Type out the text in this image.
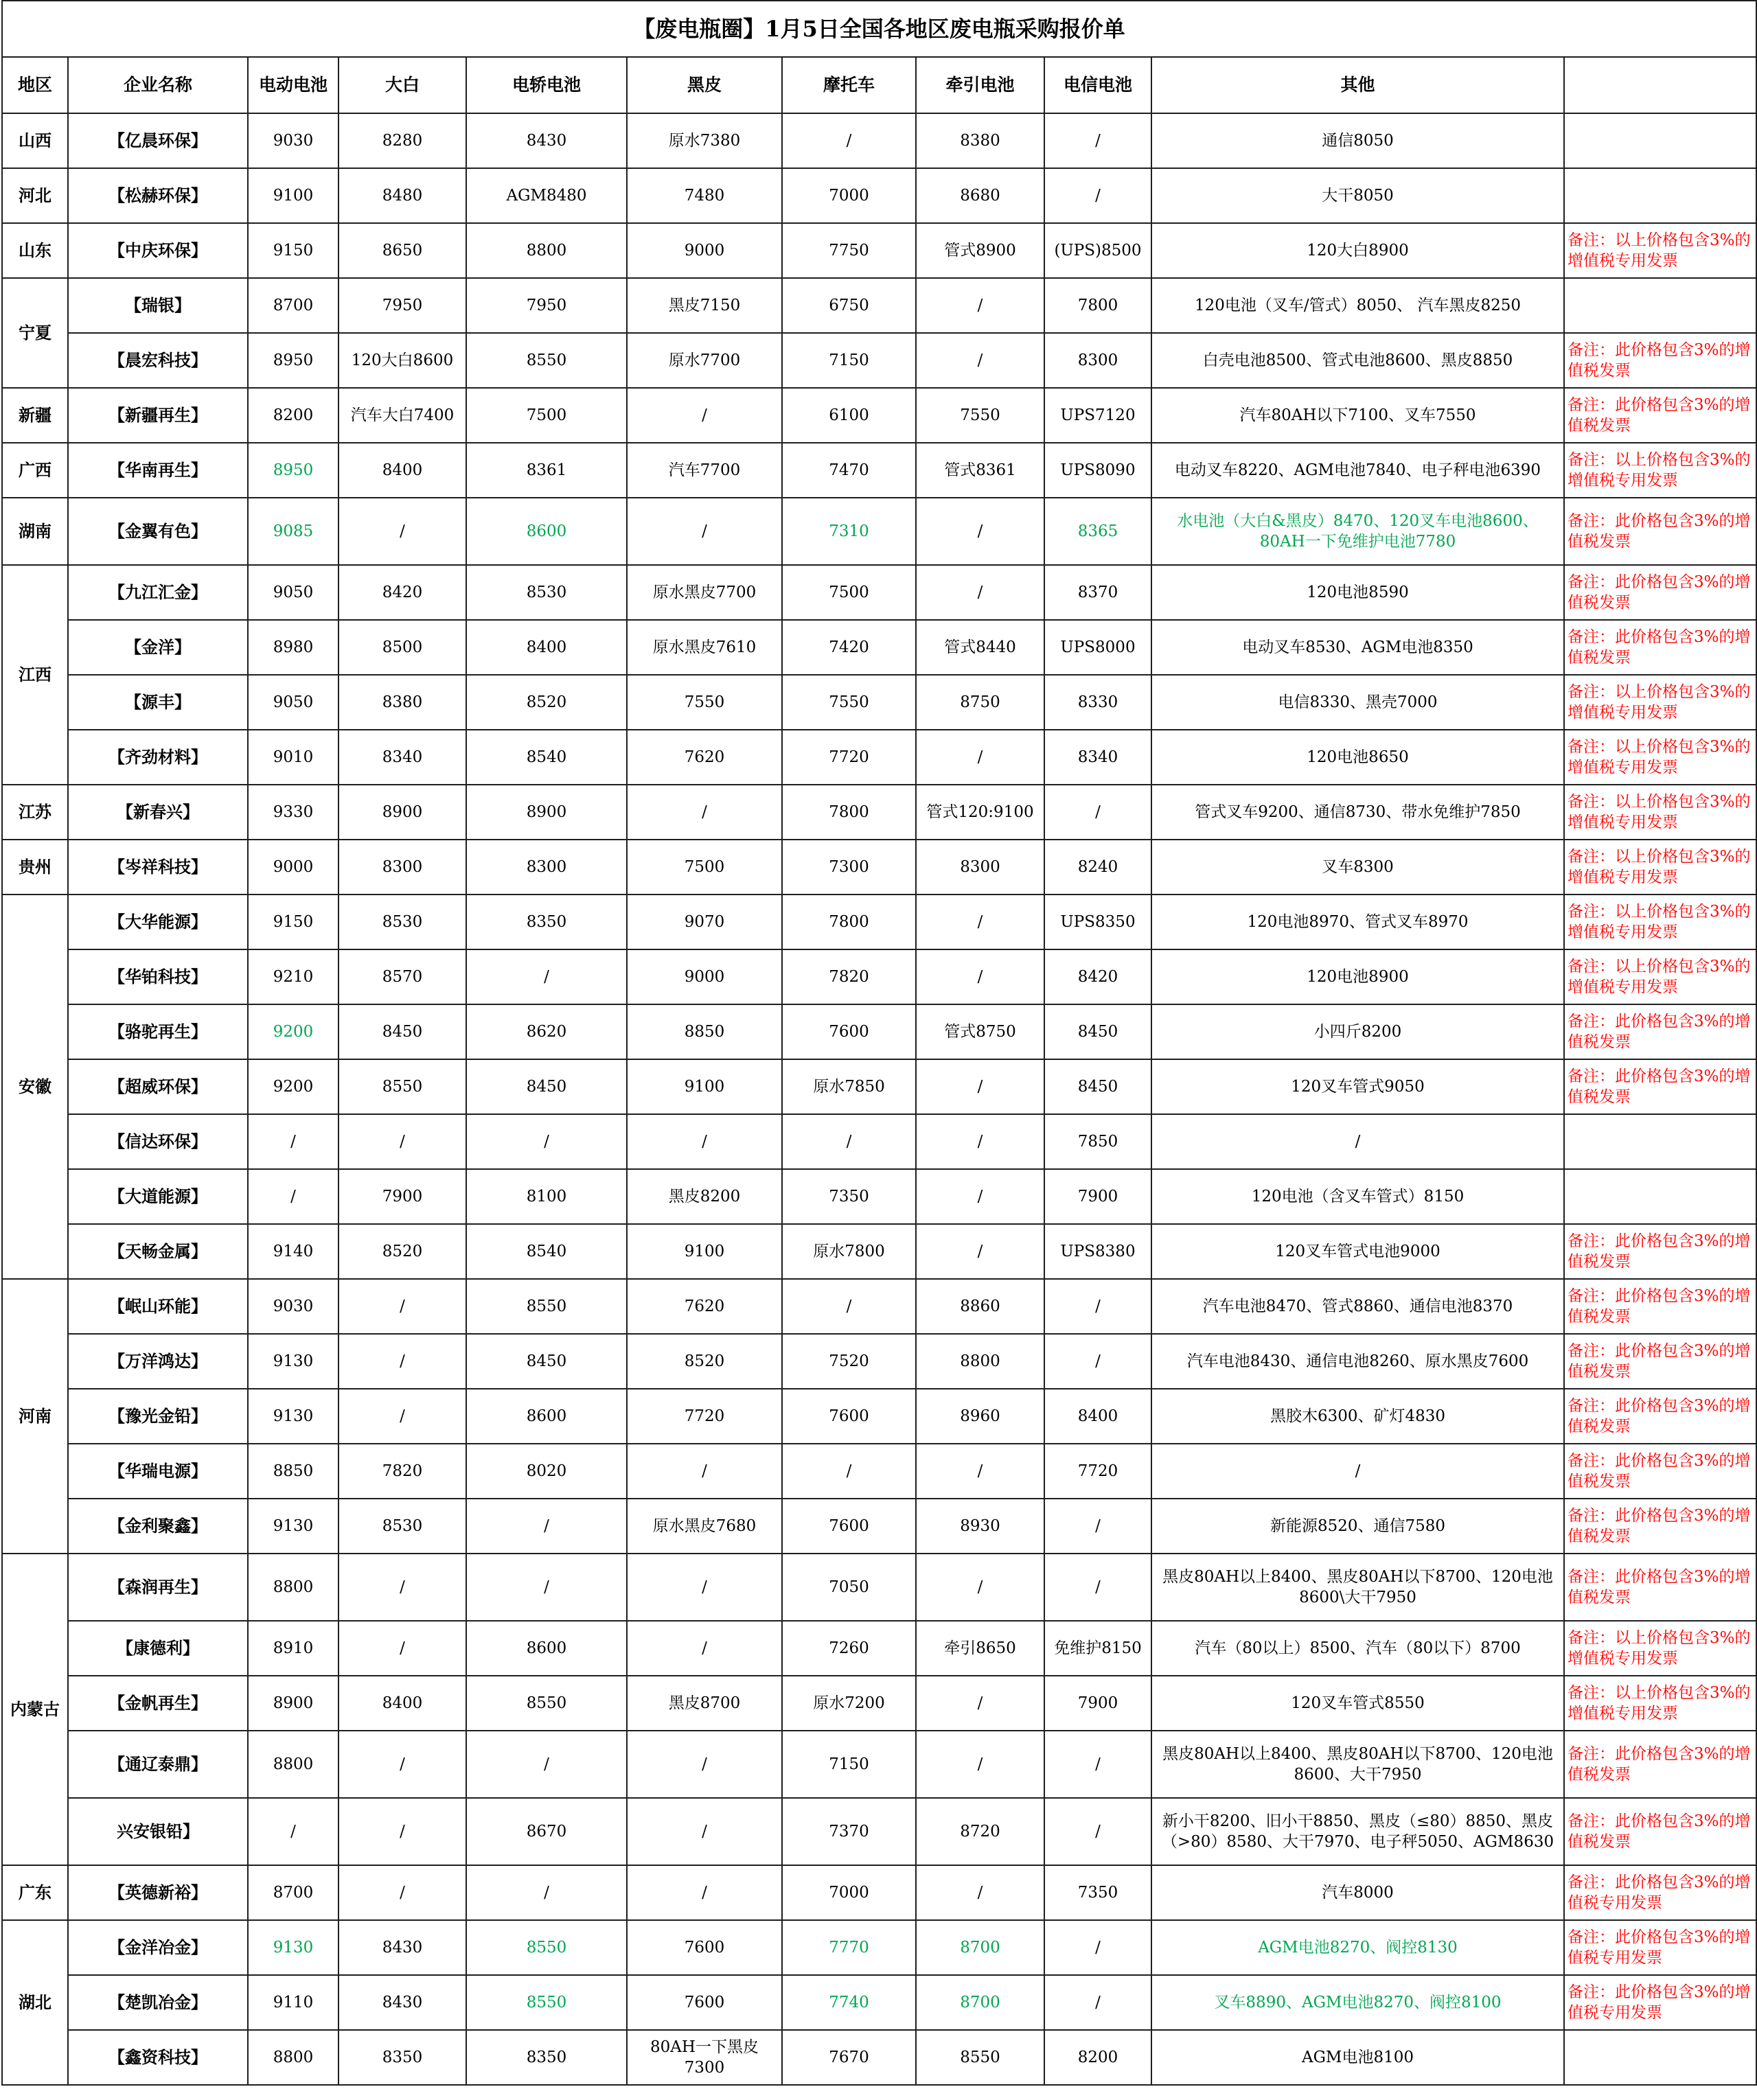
【废电瓶圈】1月5日全国各地区废电瓶采购报价单										
地区	企业名称	电动电池	大白	电轿电池	黑皮	摩托车	牵引电池	电信电池	其他	
山西	【亿晨环保】	9030	8280	8430	原水7380	/	8380	/	通信8050	
河北	【松赫环保】	9100	8480	AGM8480	7480	7000	8680	/	大干8050	
山东	【中庆环保】	9150	8650	8800	9000	7750	管式8900	(UPS)8500	120大白8900	备注：以上价格包含3%的增值税专用发票
宁夏	【瑞银】	8700	7950	7950	黑皮7150	6750	/	7800	120电池（叉车/管式）8050、 汽车黑皮8250	
	【晨宏科技】	8950	120大白8600	8550	原水7700	7150	/	8300	白壳电池8500、管式电池8600、黑皮8850	备注：此价格包含3%的增值税发票
新疆	【新疆再生】	8200	汽车大白7400	7500	/	6100	7550	UPS7120	汽车80AH以下7100、叉车7550	备注：此价格包含3%的增值税发票
广西	【华南再生】	8950	8400	8361	汽车7700	7470	管式8361	UPS8090	电动叉车8220、AGM电池7840、电子秤电池6390	备注：以上价格包含3%的增值税专用发票
湖南	【金翼有色】	9085	/	8600	/	7310	/	8365	水电池（大白&黑皮）8470、120叉车电池8600、80AH一下免维护电池7780	备注：此价格包含3%的增值税发票
江西	【九江汇金】	9050	8420	8530	原水黑皮7700	7500	/	8370	120电池8590	备注：此价格包含3%的增值税发票
	【金洋】	8980	8500	8400	原水黑皮7610	7420	管式8440	UPS8000	电动叉车8530、AGM电池8350	备注：此价格包含3%的增值税发票
	【源丰】	9050	8380	8520	7550	7550	8750	8330	电信8330、黑壳7000	备注：以上价格包含3%的增值税专用发票
	【齐劲材料】	9010	8340	8540	7620	7720	/	8340	120电池8650	备注：以上价格包含3%的增值税专用发票
江苏	【新春兴】	9330	8900	8900	/	7800	管式120:9100	/	管式叉车9200、通信8730、带水免维护7850	备注：以上价格包含3%的增值税专用发票
贵州	【岑祥科技】	9000	8300	8300	7500	7300	8300	8240	叉车8300	备注：以上价格包含3%的增值税专用发票
安徽	【大华能源】	9150	8530	8350	9070	7800	/	UPS8350	120电池8970、管式叉车8970	备注：以上价格包含3%的增值税专用发票
	【华铂科技】	9210	8570	/	9000	7820	/	8420	120电池8900	备注：以上价格包含3%的增值税专用发票
	【骆驼再生】	9200	8450	8620	8850	7600	管式8750	8450	小四斤8200	备注：此价格包含3%的增值税发票
	【超威环保】	9200	8550	8450	9100	原水7850	/	8450	120叉车管式9050	备注：此价格包含3%的增值税发票
	【信达环保】	/	/	/	/	/	/	7850	/	
	【大道能源】	/	7900	8100	黑皮8200	7350	/	7900	120电池（含叉车管式）8150	
	【天畅金属】	9140	8520	8540	9100	原水7800	/	UPS8380	120叉车管式电池9000	备注：此价格包含3%的增值税发票
河南	【岷山环能】	9030	/	8550	7620	/	8860	/	汽车电池8470、管式8860、通信电池8370	备注：此价格包含3%的增值税发票
	【万洋鸿达】	9130	/	8450	8520	7520	8800	/	汽车电池8430、通信电池8260、原水黑皮7600	备注：此价格包含3%的增值税发票
	【豫光金铅】	9130	/	8600	7720	7600	8960	8400	黑胶木6300、矿灯4830	备注：此价格包含3%的增值税发票
	【华瑞电源】	8850	7820	8020	/	/	/	7720	/	备注：此价格包含3%的增值税发票
	【金利聚鑫】	9130	8530	/	原水黑皮7680	7600	8930	/	新能源8520、通信7580	备注：此价格包含3%的增值税发票
内蒙古	【森润再生】	8800	/	/	/	7050	/	/	黑皮80AH以上8400、黑皮80AH以下8700、120电池8600\大干7950	备注：此价格包含3%的增值税发票
	【康德利】	8910	/	8600	/	7260	牵引8650	免维护8150	汽车（80以上）8500、汽车（80以下）8700	备注：以上价格包含3%的增值税专用发票
	【金帆再生】	8900	8400	8550	黑皮8700	原水7200	/	7900	120叉车管式8550	备注：以上价格包含3%的增值税专用发票
	【通辽泰鼎】	8800	/	/	/	7150	/	/	黑皮80AH以上8400、黑皮80AH以下8700、120电池8600、大干7950	备注：此价格包含3%的增值税发票
	兴安银铅】	/	/	8670	/	7370	8720	/	新小干8200、旧小干8850、黑皮（≤80）8850、黑皮（>80）8580、大干7970、电子秤5050、AGM8630	备注：此价格包含3%的增值税发票
广东	【英德新裕】	8700	/	/	/	7000	/	7350	汽车8000	备注：此价格包含3%的增值税专用发票
湖北	【金洋冶金】	9130	8430	8550	7600	7770	8700	/	AGM电池8270、阀控8130	备注：此价格包含3%的增值税专用发票
	【楚凯冶金】	9110	8430	8550	7600	7740	8700	/	叉车8890、AGM电池8270、阀控8100	备注：此价格包含3%的增值税专用发票
	【鑫资科技】	8800	8350	8350	80AH一下黑皮7300	7670	8550	8200	AGM电池8100	
